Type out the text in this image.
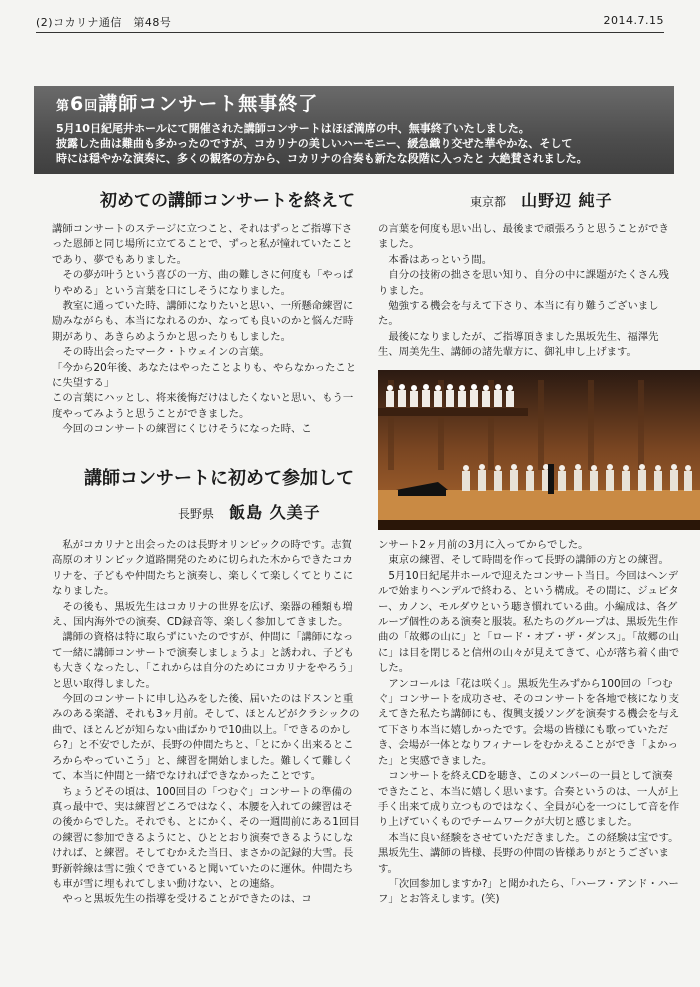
(2)コカリナ通信　第48号	2014.7.15
第6回講師コンサート無事終了
5月10日紀尾井ホールにて開催された講師コンサートはほぼ満席の中、無事終了いたしました。
披露した曲は難曲も多かったのですが、コカリナの美しいハーモニー、緩急織り交ぜた華やかな、そして
時には穏やかな演奏に、多くの観客の方から、コカリナの合奏も新たな段階に入ったと 大絶賛されました。
初めての講師コンサートを終えて	東京都 山野辺 純子

講師コンサートのステージに立つこと、それはずっとご指導下さった恩師と同じ場所に立てることで、ずっと私が憧れていたことであり、夢でもありました。

その夢が叶うという喜びの一方、曲の難しさに何度も「やっぱりやめる」という言葉を口にしそうになりました。

教室に通っていた時、講師になりたいと思い、一所懸命練習に励みながらも、本当になれるのか、なっても良いのかと悩んだ時期があり、あきらめようかと思ったりもしました。

その時出会ったマーク・トウェインの言葉。

「今から20年後、あなたはやったことよりも、やらなかったことに失望する」

この言葉にハッとし、将来後悔だけはしたくないと思い、もう一度やってみようと思うことができました。

今回のコンサートの練習にくじけそうになった時、こ

の言葉を何度も思い出し、最後まで頑張ろうと思うことができました。

本番はあっという間。

自分の技術の拙さを思い知り、自分の中に課題がたくさん残りました。

勉強する機会を与えて下さり、本当に有り難うございました。

最後になりましたが、ご指導頂きました黒坂先生、福澤先生、周美先生、講師の諸先輩方に、御礼申し上げます。

講師コンサートに初めて参加して
長野県 飯島 久美子

私がコカリナと出会ったのは長野オリンピックの時です。志賀高原のオリンピック道路開発のために切られた木からできたコカリナを、子どもや仲間たちと演奏し、楽しくて楽しくてとりこになりました。

その後も、黒坂先生はコカリナの世界を広げ、楽器の種類も増え、国内海外での演奏、CD録音等、楽しく参加してきました。

講師の資格は特に取らずにいたのですが、仲間に「講師になって一緒に講師コンサートで演奏しましょうよ」と誘われ、子どもも大きくなったし、「これからは自分のためにコカリナをやろう」と思い取得しました。

今回のコンサートに申し込みをした後、届いたのはドスンと重みのある楽譜、それも3ヶ月前。そして、ほとんどがクラシックの曲で、ほとんどが知らない曲ばかりで10曲以上。「できるのかしら?」と不安でしたが、長野の仲間たちと、「とにかく出来るところからやっていこう」と、練習を開始しました。難しくて難しくて、本当に仲間と一緒でなければできなかったことです。

ちょうどその頃は、100回目の「つむぐ」コンサートの準備の真っ最中で、実は練習どころではなく、本腰を入れての練習はその後からでした。それでも、とにかく、その一週間前にある1回目の練習に参加できるようにと、ひととおり演奏できるようにしなければ、と練習。そしてむかえた当日、まさかの記録的大雪。長野新幹線は雪に強くできていると聞いていたのに運休。仲間たちも車が雪に埋もれてしまい動けない、との連絡。

やっと黒坂先生の指導を受けることができたのは、コ

ンサート2ヶ月前の3月に入ってからでした。

東京の練習、そして時間を作って長野の講師の方との練習。

5月10日紀尾井ホールで迎えたコンサート当日。今回はヘンデルで始まりヘンデルで終わる、という構成。その間に、ジュピター、カノン、モルダウという聴き慣れている曲。小編成は、各グループ個性のある演奏と服装。私たちのグループは、黒坂先生作曲の「故郷の山に」と「ロード・オブ・ザ・ダンス」。「故郷の山に」は目を閉じると信州の山々が見えてきて、心が落ち着く曲でした。

アンコールは「花は咲く」。黒坂先生みずから100回の「つむぐ」コンサートを成功させ、そのコンサートを各地で核になり支えてきた私たち講師にも、復興支援ソングを演奏する機会を与えて下さり本当に嬉しかったです。会場の皆様にも歌っていただき、会場が一体となりフィナーレをむかえることができ「よかった」と実感できました。

コンサートを終えCDを聴き、このメンバーの一員として演奏できたこと、本当に嬉しく思います。合奏というのは、一人が上手く出来て成り立つものではなく、全員が心を一つにして音を作り上げていくものでチームワークが大切と感じました。

本当に良い経験をさせていただきました。この経験は宝です。黒坂先生、講師の皆様、長野の仲間の皆様ありがとうございます。

「次回参加しますか?」と聞かれたら、「ハーフ・アンド・ハーフ」とお答えします。(笑)
